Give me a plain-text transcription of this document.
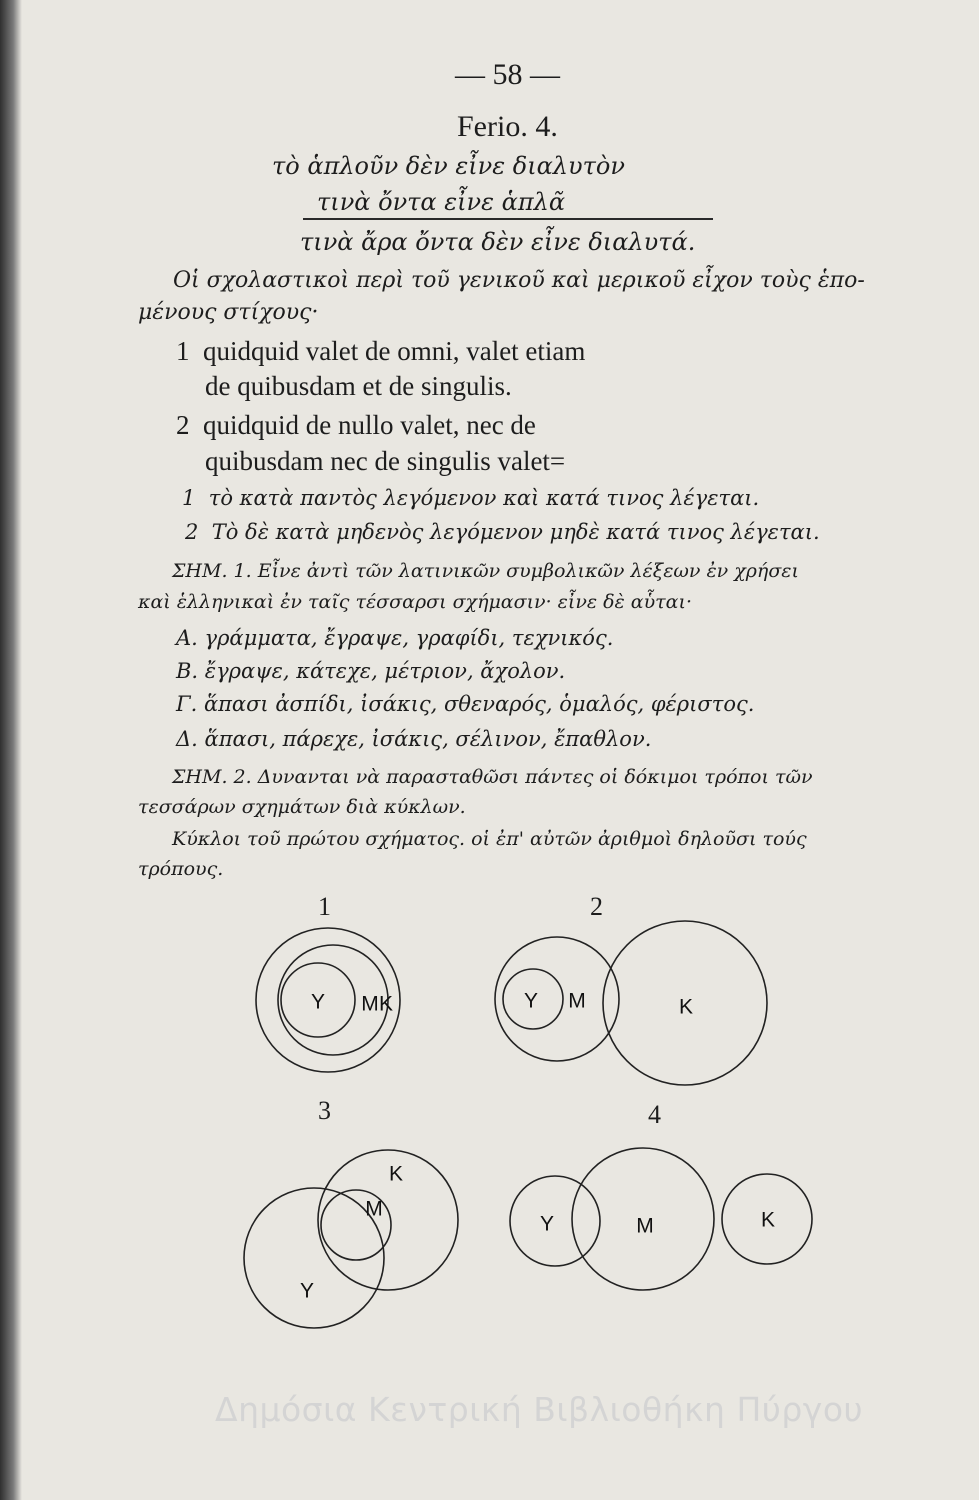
— 58 —
Ferio. 4.
τὸ ἁπλοῦν δὲν εἶνε διαλυτὸν
τινὰ ὄντα εἶνε ἁπλᾶ
τινὰ ἄρα ὄντα δὲν εἶνε διαλυτά.
Οἱ σχολαστικοὶ περὶ τοῦ γενικοῦ καὶ μερικοῦ εἶχον τοὺς ἑπο-
μένους στίχους·
1 quidquid valet de omni, valet etiam
de quibusdam et de singulis.
2 quidquid de nullo valet, nec de
quibusdam nec de singulis valet=
1 τὸ κατὰ παντὸς λεγόμενον καὶ κατά τινος λέγεται.
2 Τὸ δὲ κατὰ μηδενὸς λεγόμενον μηδὲ κατά τινος λέγεται.
ΣΗΜ. 1. Εἶνε ἀντὶ τῶν λατινικῶν συμβολικῶν λέξεων ἐν χρήσει
καὶ ἑλληνικαὶ ἐν ταῖς τέσσαρσι σχήμασιν· εἶνε δὲ αὗται·
Α. γράμματα, ἔγραψε, γραφίδι, τεχνικός.
Β. ἔγραψε, κάτεχε, μέτριον, ἄχολον.
Γ. ἅπασι ἀσπίδι, ἰσάκις, σθεναρός, ὁμαλός, φέριστος.
Δ. ἅπασι, πάρεχε, ἰσάκις, σέλινον, ἔπαθλον.
ΣΗΜ. 2. Δυνανται νὰ παρασταθῶσι πάντες οἱ δόκιμοι τρόποι τῶν
τεσσάρων σχημάτων διὰ κύκλων.
Κύκλοι τοῦ πρώτου σχήματος. οἱ ἐπ' αὐτῶν ἀριθμοὶ δηλοῦσι τούς
τρόπους.
1	2
3	4
Y M K	Y M	K
K
M
Y
Y	M	K
Δημόσια Κεντρική Βιβλιοθήκη Πύργου
